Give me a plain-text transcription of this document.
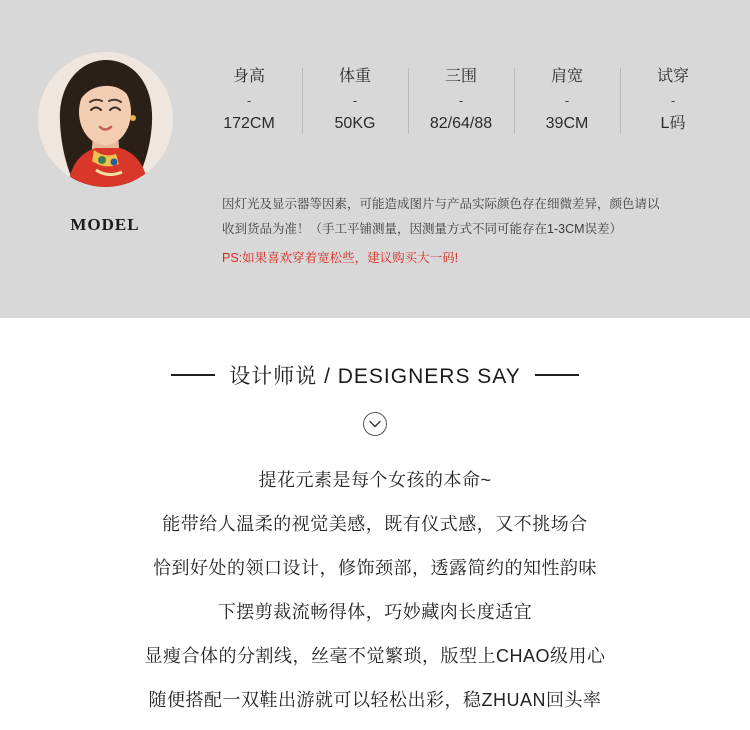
MODEL
身高
-
172CM
体重
-
50KG
三围
-
82/64/88
肩宽
-
39CM
试穿
-
L码
因灯光及显示器等因素，可能造成图片与产品实际颜色存在细微差异，颜色请以
收到货品为准！（手工平铺测量，因测量方式不同可能存在1-3CM误差）
PS:如果喜欢穿着宽松些，建议购买大一码!
设计师说 / DESIGNERS SAY
提花元素是每个女孩的本命~
能带给人温柔的视觉美感，既有仪式感，又不挑场合
恰到好处的领口设计，修饰颈部，透露简约的知性韵味
下摆剪裁流畅得体，巧妙藏肉长度适宜
显瘦合体的分割线，丝毫不觉繁琐，版型上CHAO级用心
随便搭配一双鞋出游就可以轻松出彩，稳ZHUAN回头率
